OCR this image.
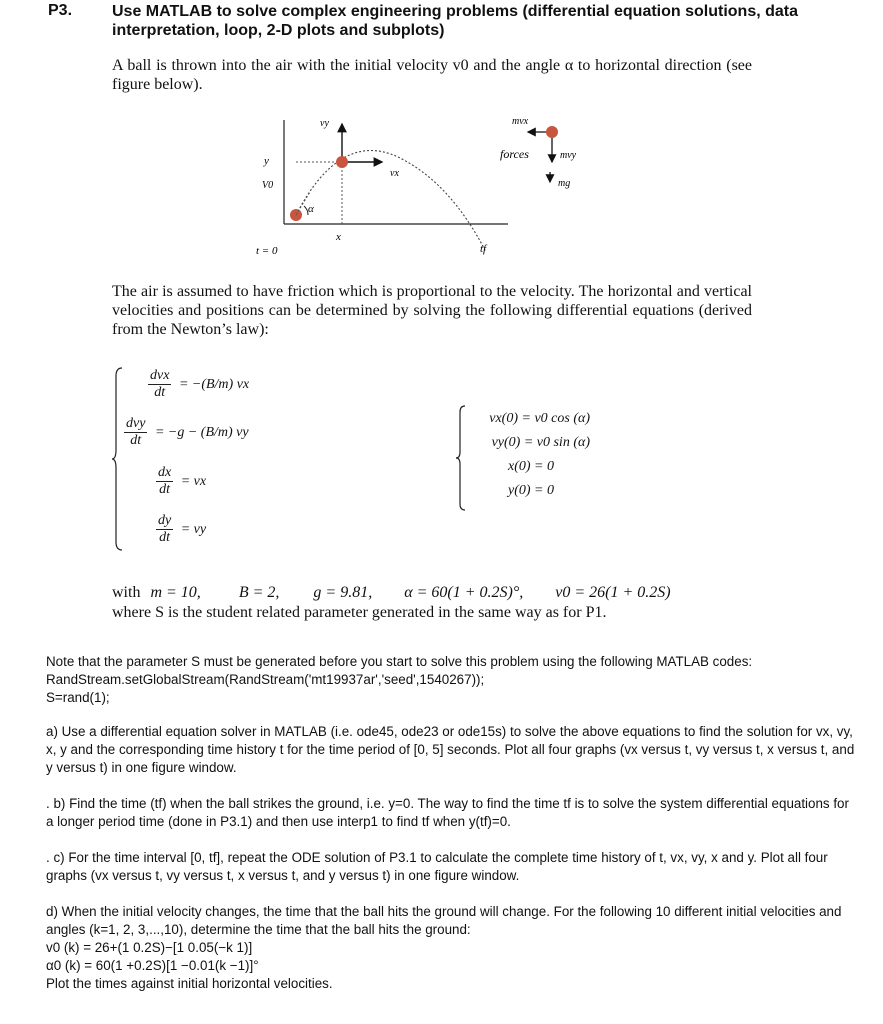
P3. Use MATLAB to solve complex engineering problems (differential equation solutions, data interpretation, loop, 2-D plots and subplots)
A ball is thrown into the air with the initial velocity v0 and the angle α to horizontal direction (see figure below).
vy
vx
y
V0
α
x
t = 0	tf
mvx
forces	mvy
mg
The air is assumed to have friction which is proportional to the velocity. The horizontal and vertical velocities and positions can be determined by solving the following differential equations (derived from the Newton’s law):
dvx
dt
= −(B/m) vx
dvy
dt
= −g − (B/m) vy
$\frac{dx}{dt}$ = vx
$\frac{dy}{dt}$ = vy
vx(0) = v0 cos (α)
vy(0) = v0 sin (α)
x(0) = 0
y(0) = 0
with m = 10, B = 2, g = 9.81, α = 60(1 + 0.2S)°, v0 = 26(1 + 0.2S)
where S is the student related parameter generated in the same way as for P1.
Note that the parameter S must be generated before you start to solve this problem using the following MATLAB codes:
RandStream.setGlobalStream(RandStream('mt19937ar','seed',1540267));
S=rand(1);
a) Use a differential equation solver in MATLAB (i.e. ode45, ode23 or ode15s) to solve the above equations to find the solution for vx, vy, x, y and the corresponding time history t for the time period of [0, 5] seconds. Plot all four graphs (vx versus t, vy versus t, x versus t, and y versus t) in one figure window.
. b) Find the time (tf) when the ball strikes the ground, i.e. y=0. The way to find the time tf is to solve the system differential equations for a longer period time (done in P3.1) and then use interp1 to find tf when y(tf)=0.
. c) For the time interval [0, tf], repeat the ODE solution of P3.1 to calculate the complete time history of t, vx, vy, x and y. Plot all four graphs (vx versus t, vy versus t, x versus t, and y versus t) in one figure window.
d) When the initial velocity changes, the time that the ball hits the ground will change. For the following 10 different initial velocities and angles (k=1, 2, 3,...,10), determine the time that the ball hits the ground:
v0 (k) = 26+(1 0.2S)−[1 0.05(−k 1)]
α0 (k) = 60(1 +0.2S)[1 −0.01(k −1)]°
Plot the times against initial horizontal velocities.
